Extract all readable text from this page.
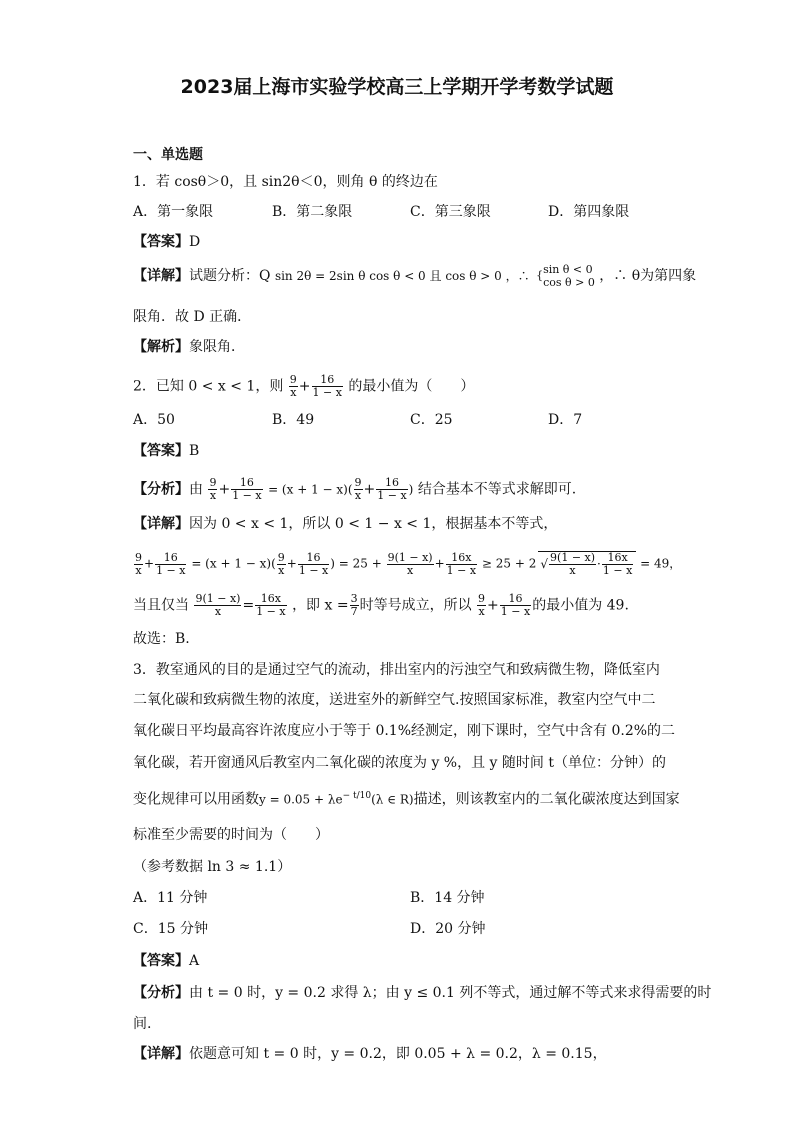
2023届上海市实验学校高三上学期开学考数学试题
一、单选题
1．若 cosθ＞0，且 sin2θ＜0，则角 θ 的终边在
A．第一象限	B．第二象限	C．第三象限	D．第四象限
【答案】D
【详解】试题分析：Q sin 2θ = 2sin θ cos θ < 0 且 cos θ > 0 ，∴ { sin θ < 0
cos θ > 0 ，∴ θ为第四象
限角．故 D 正确．
【解析】象限角．
2．已知 0 < x < 1，则 $\frac{9}{x} + \frac{16}{1 - x}$ 的最小值为（　　）
A．50	B．49	C．25	D．7
【答案】B
【分析】由 $\frac{9}{x} + \frac{16}{1 - x} = (x + 1 - x)( \frac{9}{x} + \frac{16}{1 - x}$ ) 结合基本不等式求解即可.
【详解】因为 0 < x < 1，所以 0 < 1 − x < 1，根据基本不等式，
$\frac{9}{x} + \frac{16}{1 - x} = (x + 1 - x)( \frac{9}{x} + \frac{16}{1 - x}$ ) = $25 + \frac{9(1 - x)}{x} + \frac{16x}{1 - x} \ge 25 + 2$ √ $\frac{9(1 - x)}{x} \cdot \frac{16x}{1 - x} = 49$，
当且仅当 $\frac{9(1 - x)}{x} = \frac{16x}{1 - x}$ ，即 $x = \frac{3}{7}$ 时等号成立，所以 $\frac{9}{x} + \frac{16}{1 - x}$ 的最小值为 49.
故选：B.
3．教室通风的目的是通过空气的流动，排出室内的污浊空气和致病微生物，降低室内
二氧化碳和致病微生物的浓度，送进室外的新鲜空气.按照国家标准，教室内空气中二
氧化碳日平均最高容许浓度应小于等于 0.1%经测定，刚下课时，空气中含有 0.2%的二
氧化碳，若开窗通风后教室内二氧化碳的浓度为 y %，且 y 随时间 t（单位：分钟）的
变化规律可以用函数$y = 0.05 + \lambda e^{- t/10}(\lambda$ ∈ R)描述，则该教室内的二氧化碳浓度达到国家
标准至少需要的时间为（　　）
（参考数据 ln 3 ≈ 1.1）
A．11 分钟	B．14 分钟
C．15 分钟	D．20 分钟
【答案】A
【分析】由 t = 0 时，y = 0.2 求得 λ；由 y ≤ 0.1 列不等式，通过解不等式来求得需要的时
间.
【详解】依题意可知 t = 0 时，y = 0.2，即 0.05 + λ = 0.2，λ = 0.15，
